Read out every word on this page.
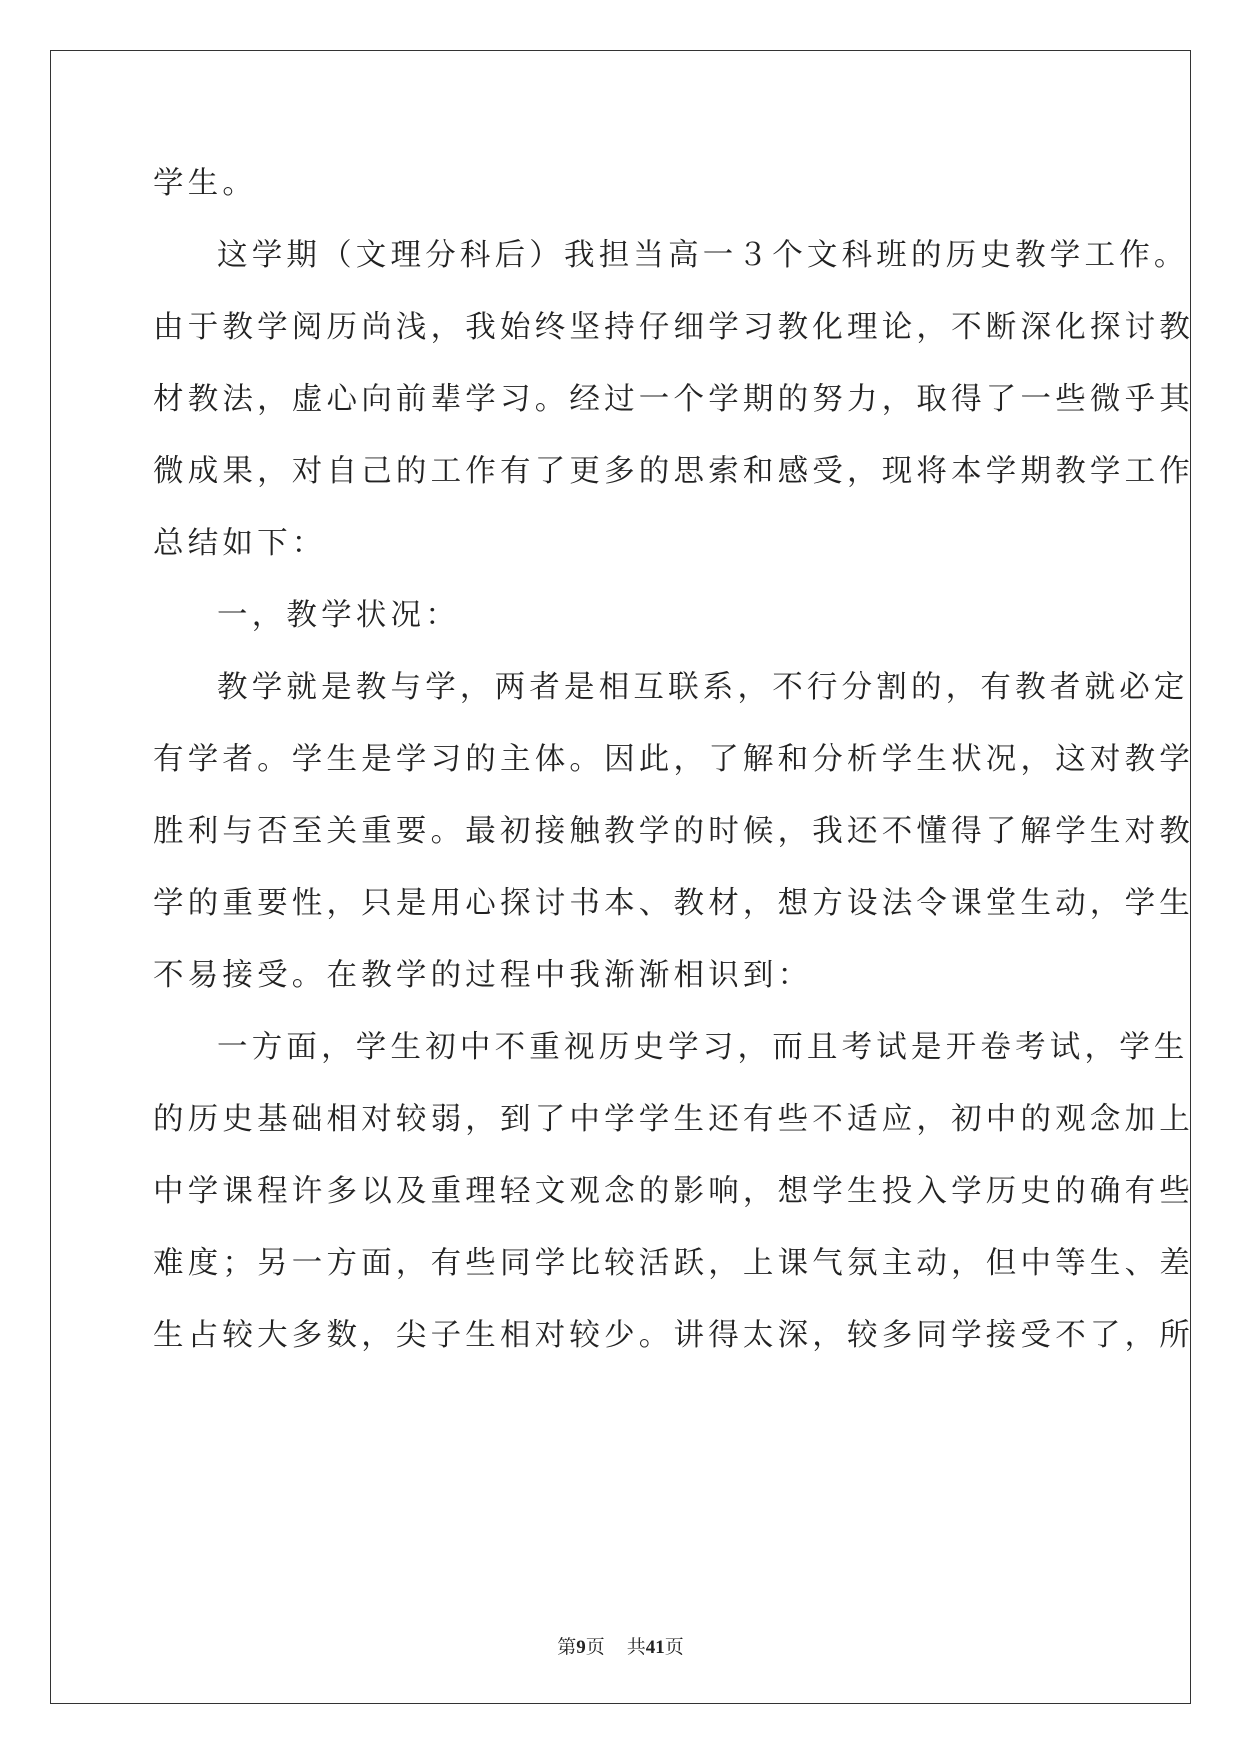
学生。
这学期（文理分科后）我担当高一３个文科班的历史教学工作。
由于教学阅历尚浅，我始终坚持仔细学习教化理论，不断深化探讨教
材教法，虚心向前辈学习。经过一个学期的努力，取得了一些微乎其
微成果，对自己的工作有了更多的思索和感受，现将本学期教学工作
总结如下：
一，教学状况：
教学就是教与学，两者是相互联系，不行分割的，有教者就必定
有学者。学生是学习的主体。因此，了解和分析学生状况，这对教学
胜利与否至关重要。最初接触教学的时候，我还不懂得了解学生对教
学的重要性，只是用心探讨书本、教材，想方设法令课堂生动，学生
不易接受。在教学的过程中我渐渐相识到：
一方面，学生初中不重视历史学习，而且考试是开卷考试，学生
的历史基础相对较弱，到了中学学生还有些不适应，初中的观念加上
中学课程许多以及重理轻文观念的影响，想学生投入学历史的确有些
难度；另一方面，有些同学比较活跃，上课气氛主动，但中等生、差
生占较大多数，尖子生相对较少。讲得太深，较多同学接受不了，所
第9页 共41页
